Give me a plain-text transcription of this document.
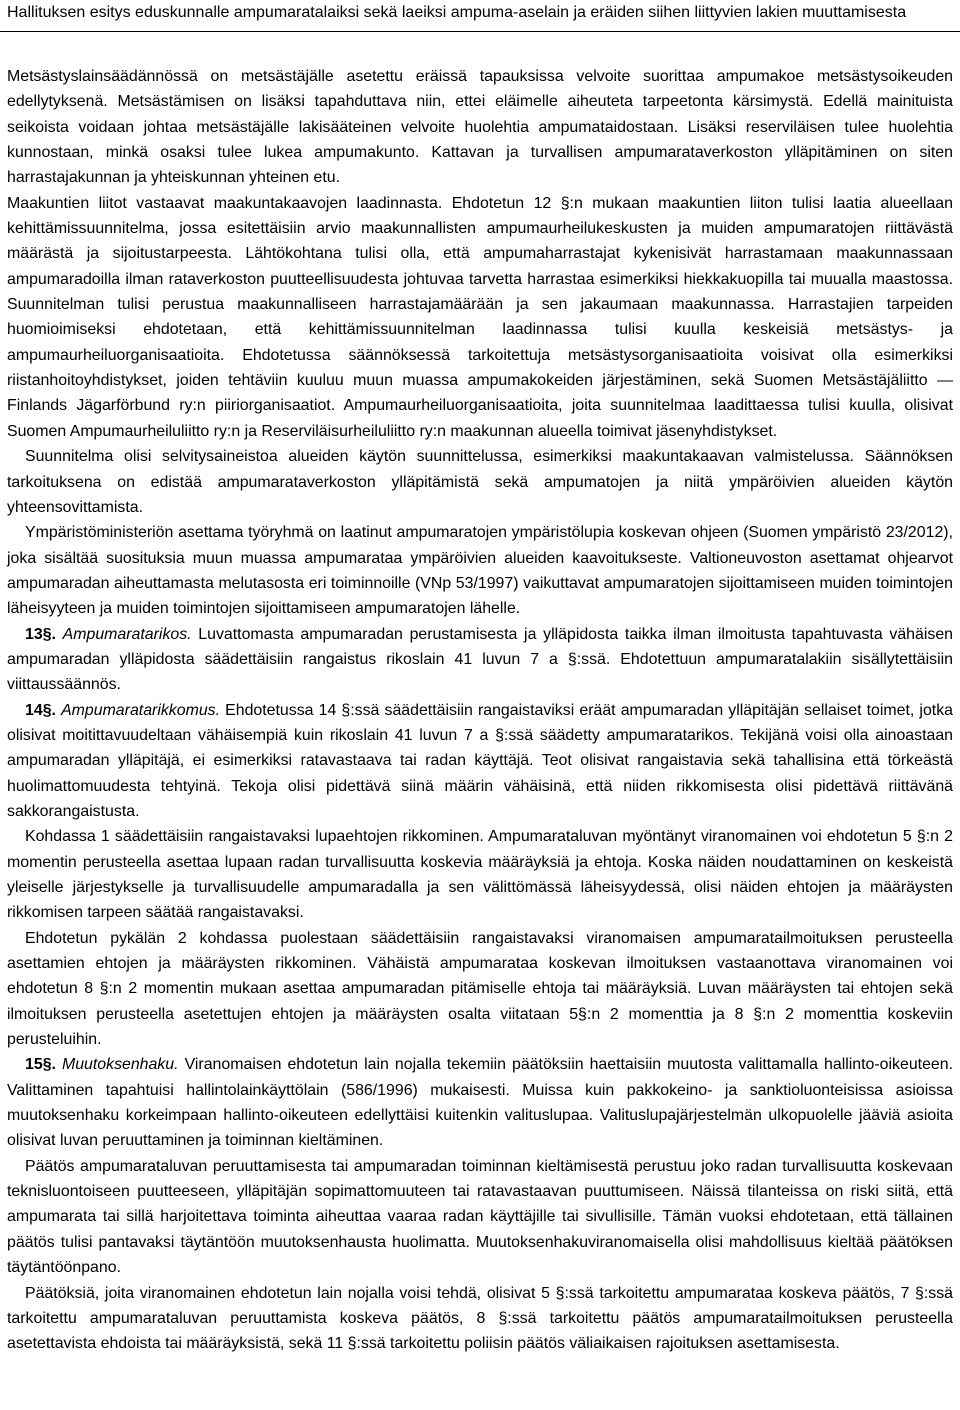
Hallituksen esitys eduskunnalle ampumaratalaiksi sekä laeiksi ampuma-aselain ja eräiden siihen liittyvien lakien muuttamisesta

Metsästyslainsäädännössä on metsästäjälle asetettu eräissä tapauksissa velvoite suorittaa ampumakoe metsästysoikeuden edellytyksenä. Metsästämisen on lisäksi tapahduttava niin, ettei eläimelle aiheuteta tarpeetonta kärsimystä. Edellä mainituista seikoista voidaan johtaa metsästäjälle lakisääteinen velvoite huolehtia ampumataidostaan. Lisäksi reserviläisen tulee huolehtia kunnostaan, minkä osaksi tulee lukea ampumakunto. Kattavan ja turvallisen ampumarataverkoston ylläpitäminen on siten harrastajakunnan ja yhteiskunnan yhteinen etu.

Maakuntien liitot vastaavat maakuntakaavojen laadinnasta. Ehdotetun 12 §:n mukaan maakuntien liiton tulisi laatia alueellaan kehittämissuunnitelma, jossa esitettäisiin arvio maakunnallisten ampumaurheilukeskusten ja muiden ampumaratojen riittävästä määrästä ja sijoitustarpeesta. Lähtökohtana tulisi olla, että ampumaharrastajat kykenisivät harrastamaan maakunnassaan ampumaradoilla ilman rataverkoston puutteellisuudesta johtuvaa tarvetta harrastaa esimerkiksi hiekkakuopilla tai muualla maastossa. Suunnitelman tulisi perustua maakunnalliseen harrastajamäärään ja sen jakaumaan maakunnassa. Harrastajien tarpeiden huomioimiseksi ehdotetaan, että kehittämissuunnitelman laadinnassa tulisi kuulla keskeisiä metsästys- ja ampumaurheiluorganisaatioita. Ehdotetussa säännöksessä tarkoitettuja metsästysorganisaatioita voisivat olla esimerkiksi riistanhoitoyhdistykset, joiden tehtäviin kuuluu muun muassa ampumakokeiden järjestäminen, sekä Suomen Metsästäjäliitto — Finlands Jägarförbund ry:n piiriorganisaatiot. Ampumaurheiluorganisaatioita, joita suunnitelmaa laadittaessa tulisi kuulla, olisivat Suomen Ampumaurheiluliitto ry:n ja Reserviläisurheiluliitto ry:n maakunnan alueella toimivat jäsenyhdistykset.

Suunnitelma olisi selvitysaineistoa alueiden käytön suunnittelussa, esimerkiksi maakuntakaavan valmistelussa. Säännöksen tarkoituksena on edistää ampumarataverkoston ylläpitämistä sekä ampumatojen ja niitä ympäröivien alueiden käytön yhteensovittamista.

Ympäristöministeriön asettama työryhmä on laatinut ampumaratojen ympäristölupia koskevan ohjeen (Suomen ympäristö 23/2012), joka sisältää suosituksia muun muassa ampumarataa ympäröivien alueiden kaavoitukseste. Valtioneuvoston asettamat ohjearvot ampumaradan aiheuttamasta melutasosta eri toiminnoille (VNp 53/1997) vaikuttavat ampumaratojen sijoittamiseen muiden toimintojen läheisyyteen ja muiden toimintojen sijoittamiseen ampumaratojen lähelle.

13§. Ampumaratarikos. Luvattomasta ampumaradan perustamisesta ja ylläpidosta taikka ilman ilmoitusta tapahtuvasta vähäisen ampumaradan ylläpidosta säädettäisiin rangaistus rikoslain 41 luvun 7 a §:ssä. Ehdotettuun ampumaratalakiin sisällytettäisiin viittaussäännös.

14§. Ampumaratarikkomus. Ehdotetussa 14 §:ssä säädettäisiin rangaistaviksi eräät ampumaradan ylläpitäjän sellaiset toimet, jotka olisivat moitittavuudeltaan vähäisempiä kuin rikoslain 41 luvun 7 a §:ssä säädetty ampumaratarikos. Tekijänä voisi olla ainoastaan ampumaradan ylläpitäjä, ei esimerkiksi ratavastaava tai radan käyttäjä. Teot olisivat rangaistavia sekä tahallisina että törkeästä huolimattomuudesta tehtyinä. Tekoja olisi pidettävä siinä määrin vähäisinä, että niiden rikkomisesta olisi pidettävä riittävänä sakkorangaistusta.

Kohdassa 1 säädettäisiin rangaistavaksi lupaehtojen rikkominen. Ampumarataluvan myöntänyt viranomainen voi ehdotetun 5 §:n 2 momentin perusteella asettaa lupaan radan turvallisuutta koskevia määräyksiä ja ehtoja. Koska näiden noudattaminen on keskeistä yleiselle järjestykselle ja turvallisuudelle ampumaradalla ja sen välittömässä läheisyydessä, olisi näiden ehtojen ja määräysten rikkomisen tarpeen säätää rangaistavaksi.

Ehdotetun pykälän 2 kohdassa puolestaan säädettäisiin rangaistavaksi viranomaisen ampumaratailmoituksen perusteella asettamien ehtojen ja määräysten rikkominen. Vähäistä ampumarataa koskevan ilmoituksen vastaanottava viranomainen voi ehdotetun 8 §:n 2 momentin mukaan asettaa ampumaradan pitämiselle ehtoja tai määräyksiä. Luvan määräysten tai ehtojen sekä ilmoituksen perusteella asetettujen ehtojen ja määräysten osalta viitataan 5§:n 2 momenttia ja 8 §:n 2 momenttia koskeviin perusteluihin.

15§. Muutoksenhaku. Viranomaisen ehdotetun lain nojalla tekemiin päätöksiin haettaisiin muutosta valittamalla hallinto-oikeuteen. Valittaminen tapahtuisi hallintolainkäyttölain (586/1996) mukaisesti. Muissa kuin pakkokeino- ja sanktioluonteisissa asioissa muutoksenhaku korkeimpaan hallinto-oikeuteen edellyttäisi kuitenkin valituslupaa. Valituslupajärjestelmän ulkopuolelle jääviä asioita olisivat luvan peruuttaminen ja toiminnan kieltäminen.

Päätös ampumarataluvan peruuttamisesta tai ampumaradan toiminnan kieltämisestä perustuu joko radan turvallisuutta koskevaan teknisluontoiseen puutteeseen, ylläpitäjän sopimattomuuteen tai ratavastaavan puuttumiseen. Näissä tilanteissa on riski siitä, että ampumarata tai sillä harjoitettava toiminta aiheuttaa vaaraa radan käyttäjille tai sivullisille. Tämän vuoksi ehdotetaan, että tällainen päätös tulisi pantavaksi täytäntöön muutoksenhausta huolimatta. Muutoksenhakuviranomaisella olisi mahdollisuus kieltää päätöksen täytäntöönpano.

Päätöksiä, joita viranomainen ehdotetun lain nojalla voisi tehdä, olisivat 5 §:ssä tarkoitettu ampumarataa koskeva päätös, 7 §:ssä tarkoitettu ampumarataluvan peruuttamista koskeva päätös, 8 §:ssä tarkoitettu päätös ampumaratailmoituksen perusteella asetettavista ehdoista tai määräyksistä, sekä 11 §:ssä tarkoitettu poliisin päätös väliaikaisen rajoituksen asettamisesta.
